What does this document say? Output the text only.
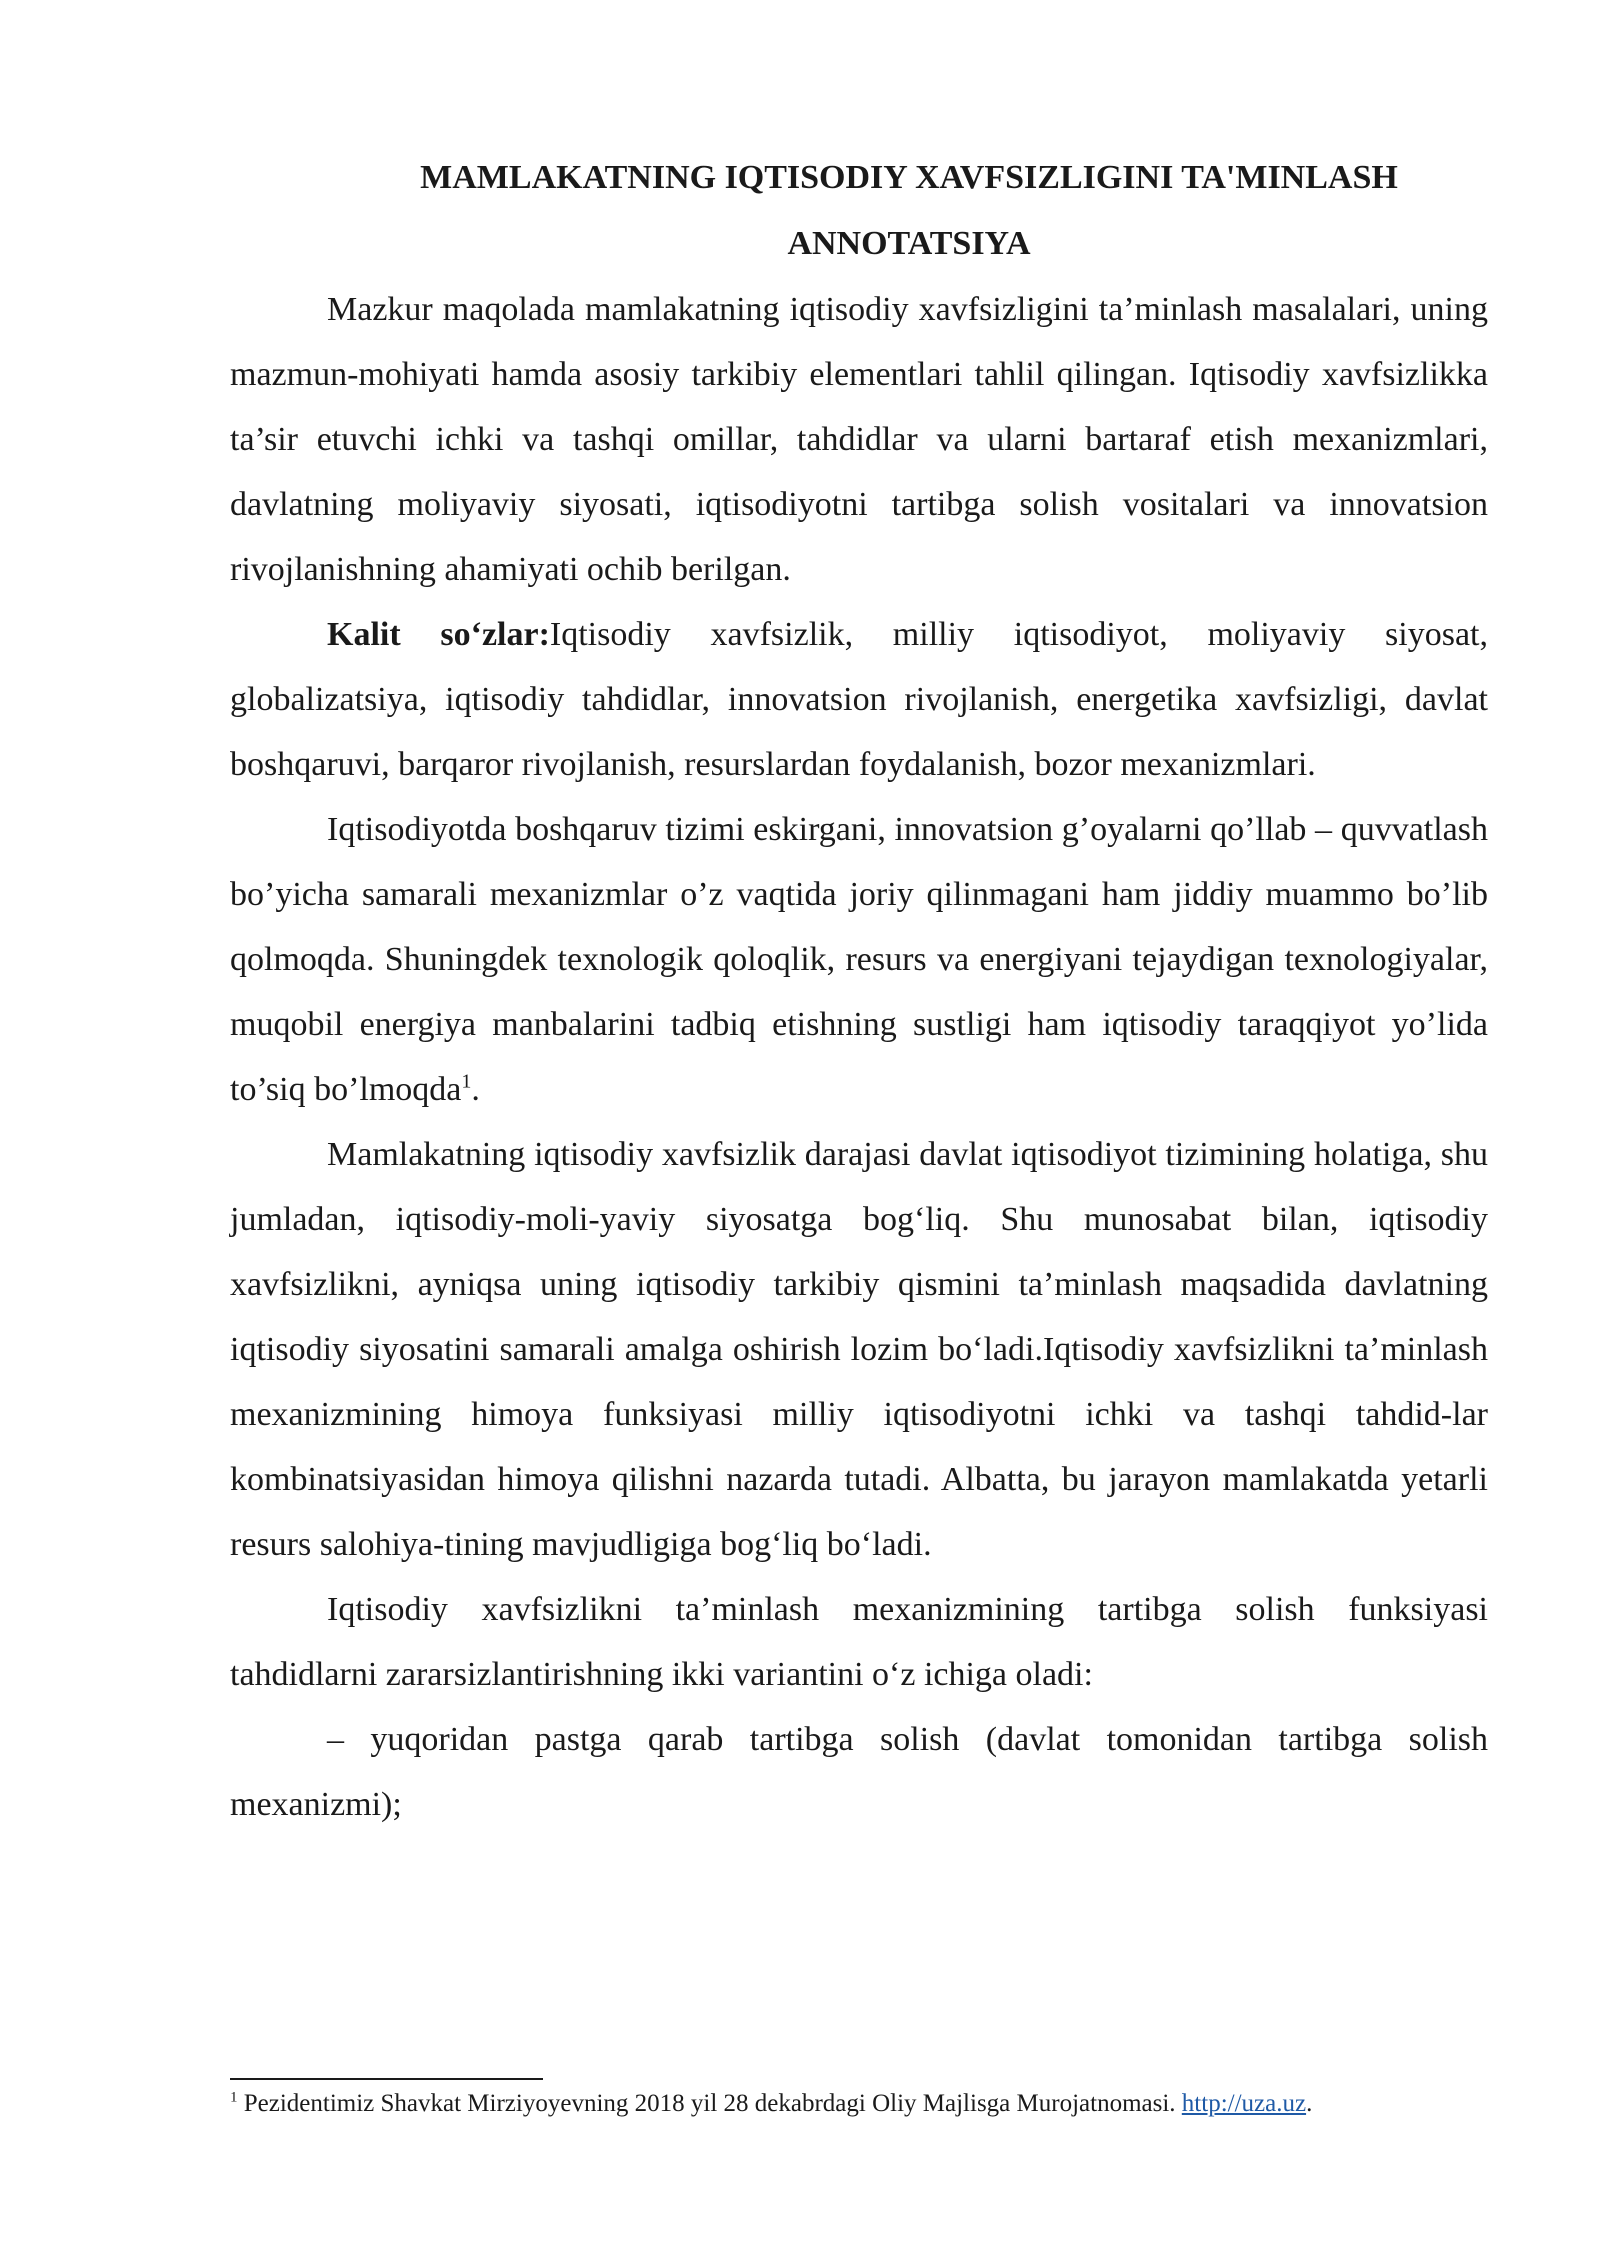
MAMLAKATNING IQTISODIY XAVFSIZLIGINI TA'MINLASH

ANNOTATSIYA

Mazkur maqolada mamlakatning iqtisodiy xavfsizligini ta’minlash masalalari, uning mazmun-mohiyati hamda asosiy tarkibiy elementlari tahlil qilingan. Iqtisodiy xavfsizlikka ta’sir etuvchi ichki va tashqi omillar, tahdidlar va ularni bartaraf etish mexanizmlari, davlatning moliyaviy siyosati, iqtisodiyotni tartibga solish vositalari va innovatsion rivojlanishning ahamiyati ochib berilgan.

Kalit so‘zlar:Iqtisodiy xavfsizlik, milliy iqtisodiyot, moliyaviy siyosat, globalizatsiya, iqtisodiy tahdidlar, innovatsion rivojlanish, energetika xavfsizligi, davlat boshqaruvi, barqaror rivojlanish, resurslardan foydalanish, bozor mexanizmlari.

Iqtisodiyotda boshqaruv tizimi eskirgani, innovatsion g’oyalarni qo’llab – quvvatlash bo’yicha samarali mexanizmlar o’z vaqtida joriy qilinmagani ham jiddiy muammo bo’lib qolmoqda. Shuningdek texnologik qoloqlik, resurs va energiyani tejaydigan texnologiyalar, muqobil energiya manbalarini tadbiq etishning sustligi ham iqtisodiy taraqqiyot yo’lida to’siq bo’lmoqda$^1$.

Mamlakatning iqtisodiy xavfsizlik darajasi davlat iqtisodiyot tizimining holatiga, shu jumladan, iqtisodiy-moli-yaviy siyosatga bog‘liq. Shu munosabat bilan, iqtisodiy xavfsizlikni, ayniqsa uning iqtisodiy tarkibiy qismini ta’minlash maqsadida davlatning iqtisodiy siyosatini samarali amalga oshirish lozim bo‘ladi.Iqtisodiy xavfsizlikni ta’minlash mexanizmining himoya funksiyasi milliy iqtisodiyotni ichki va tashqi tahdid-lar kombinatsiyasidan himoya qilishni nazarda tutadi. Albatta, bu jarayon mamlakatda yetarli resurs salohiya-tining mavjudligiga bog‘liq bo‘ladi.

Iqtisodiy xavfsizlikni ta’minlash mexanizmining tartibga solish funksiyasi tahdidlarni zararsizlantirishning ikki variantini o‘z ichiga oladi:

– yuqoridan pastga qarab tartibga solish (davlat tomonidan tartibga solish mexanizmi);

$^1$ Pezidentimiz Shavkat Mirziyoyevning 2018 yil 28 dekabrdagi Oliy Majlisga Murojatnomasi. http://uza.uz.
